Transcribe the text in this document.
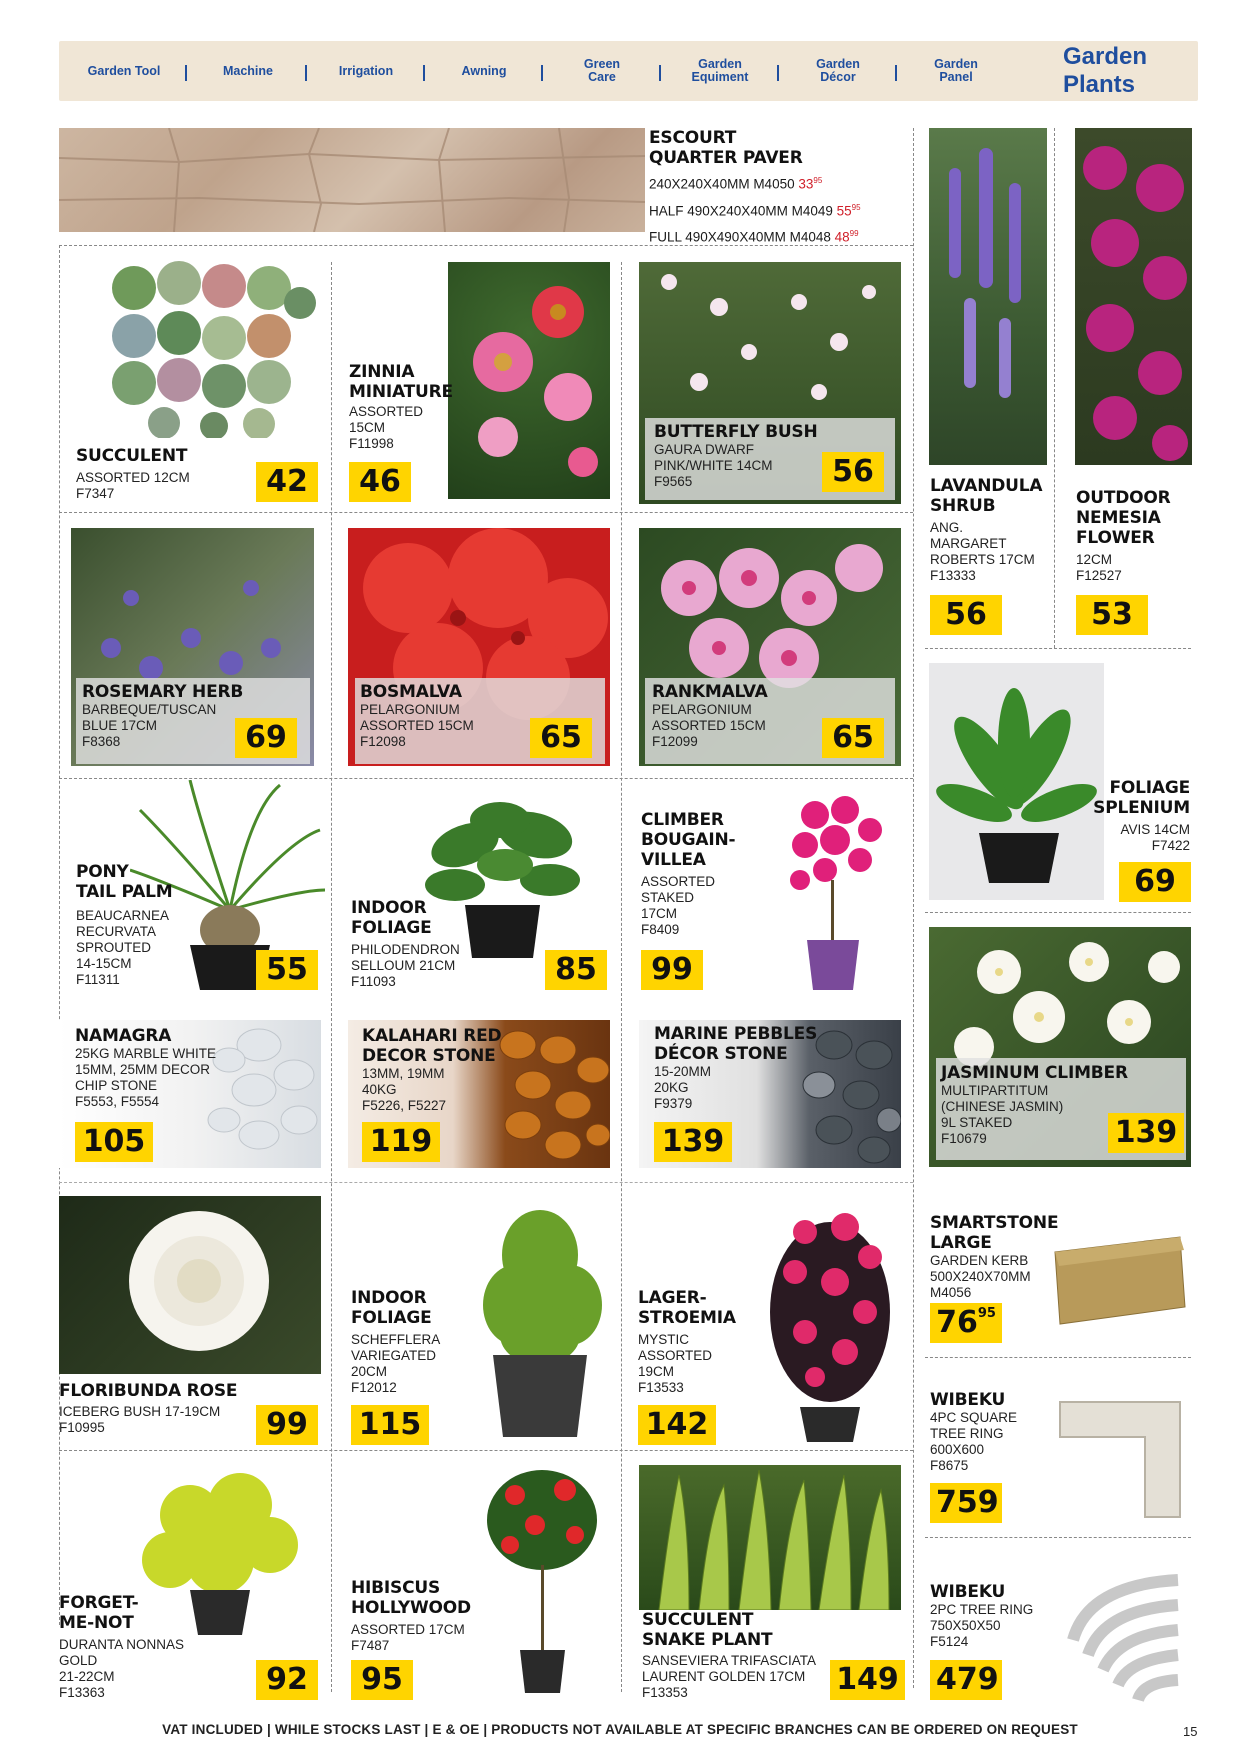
Garden Tool	Machine	Irrigation	Awning	Green
Care
Garden
Equiment
Garden
Décor
Garden
Panel
Garden Plants
ESCOURT
QUARTER PAVER
240X240X40MM M4050 $33^{95}$
HALF 490X240X40MM M4049 $55^{95}$
FULL 490X490X40MM M4048 $48^{99}$
SUCCULENT
ASSORTED 12CM
F7347	42
ZINNIA
MINIATURE
ASSORTED
15CM
F11998
46
BUTTERFLY BUSH
GAURA DWARF
PINK/WHITE 14CM
F9565	56	LAVANDULA
SHRUB
ANG.
MARGARET
ROBERTS 17CM
F13333
56
OUTDOOR
NEMESIA
FLOWER
12CM
F12527
53
ROSEMARY HERB
BARBEQUE/TUSCAN
BLUE 17CM
F8368	69
BOSMALVA
PELARGONIUM
ASSORTED 15CM
F12098	65
RANKMALVA
PELARGONIUM
ASSORTED 15CM
F12099	65
FOLIAGE
SPLENIUM
AVIS 14CM
F7422
69
PONY
TAIL PALM
BEAUCARNEA
RECURVATA
SPROUTED
14-15CM
F11311	55
INDOOR
FOLIAGE
PHILODENDRON
SELLOUM 21CM
F11093	85
CLIMBER
BOUGAIN-
VILLEA
ASSORTED
STAKED
17CM
F8409
99
NAMAGRA
25KG MARBLE WHITE
15MM, 25MM DECOR
CHIP STONE
F5553, F5554
105
KALAHARI RED
DECOR STONE
13MM, 19MM
40KG
F5226, F5227
119
MARINE PEBBLES
DÉCOR STONE
15-20MM
20KG
F9379
139
JASMINUM CLIMBER
MULTIPARTITUM
(CHINESE JASMIN)
9L STAKED
F10679	139
FLORIBUNDA ROSE
ICEBERG BUSH 17-19CM
F10995	99
INDOOR
FOLIAGE
SCHEFFLERA
VARIEGATED
20CM
F12012
115
LAGER-
STROEMIA
MYSTIC
ASSORTED
19CM
F13533
142
SMARTSTONE
LARGE
GARDEN KERB
500X240X70MM
M4056
$76^{95}$
WIBEKU
4PC SQUARE
TREE RING
600X600
F8675
759
FORGET-
ME-NOT
DURANTA NONNAS
GOLD
21-22CM
F13363	92
HIBISCUS
HOLLYWOOD
ASSORTED 17CM
F7487
95
SUCCULENT
SNAKE PLANT
SANSEVIERA TRIFASCIATA
LAURENT GOLDEN 17CM
F13353	149
WIBEKU
2PC TREE RING
750X50X50
F5124
479
VAT INCLUDED | WHILE STOCKS LAST | E & OE | PRODUCTS NOT AVAILABLE AT SPECIFIC BRANCHES CAN BE ORDERED ON REQUEST	15
